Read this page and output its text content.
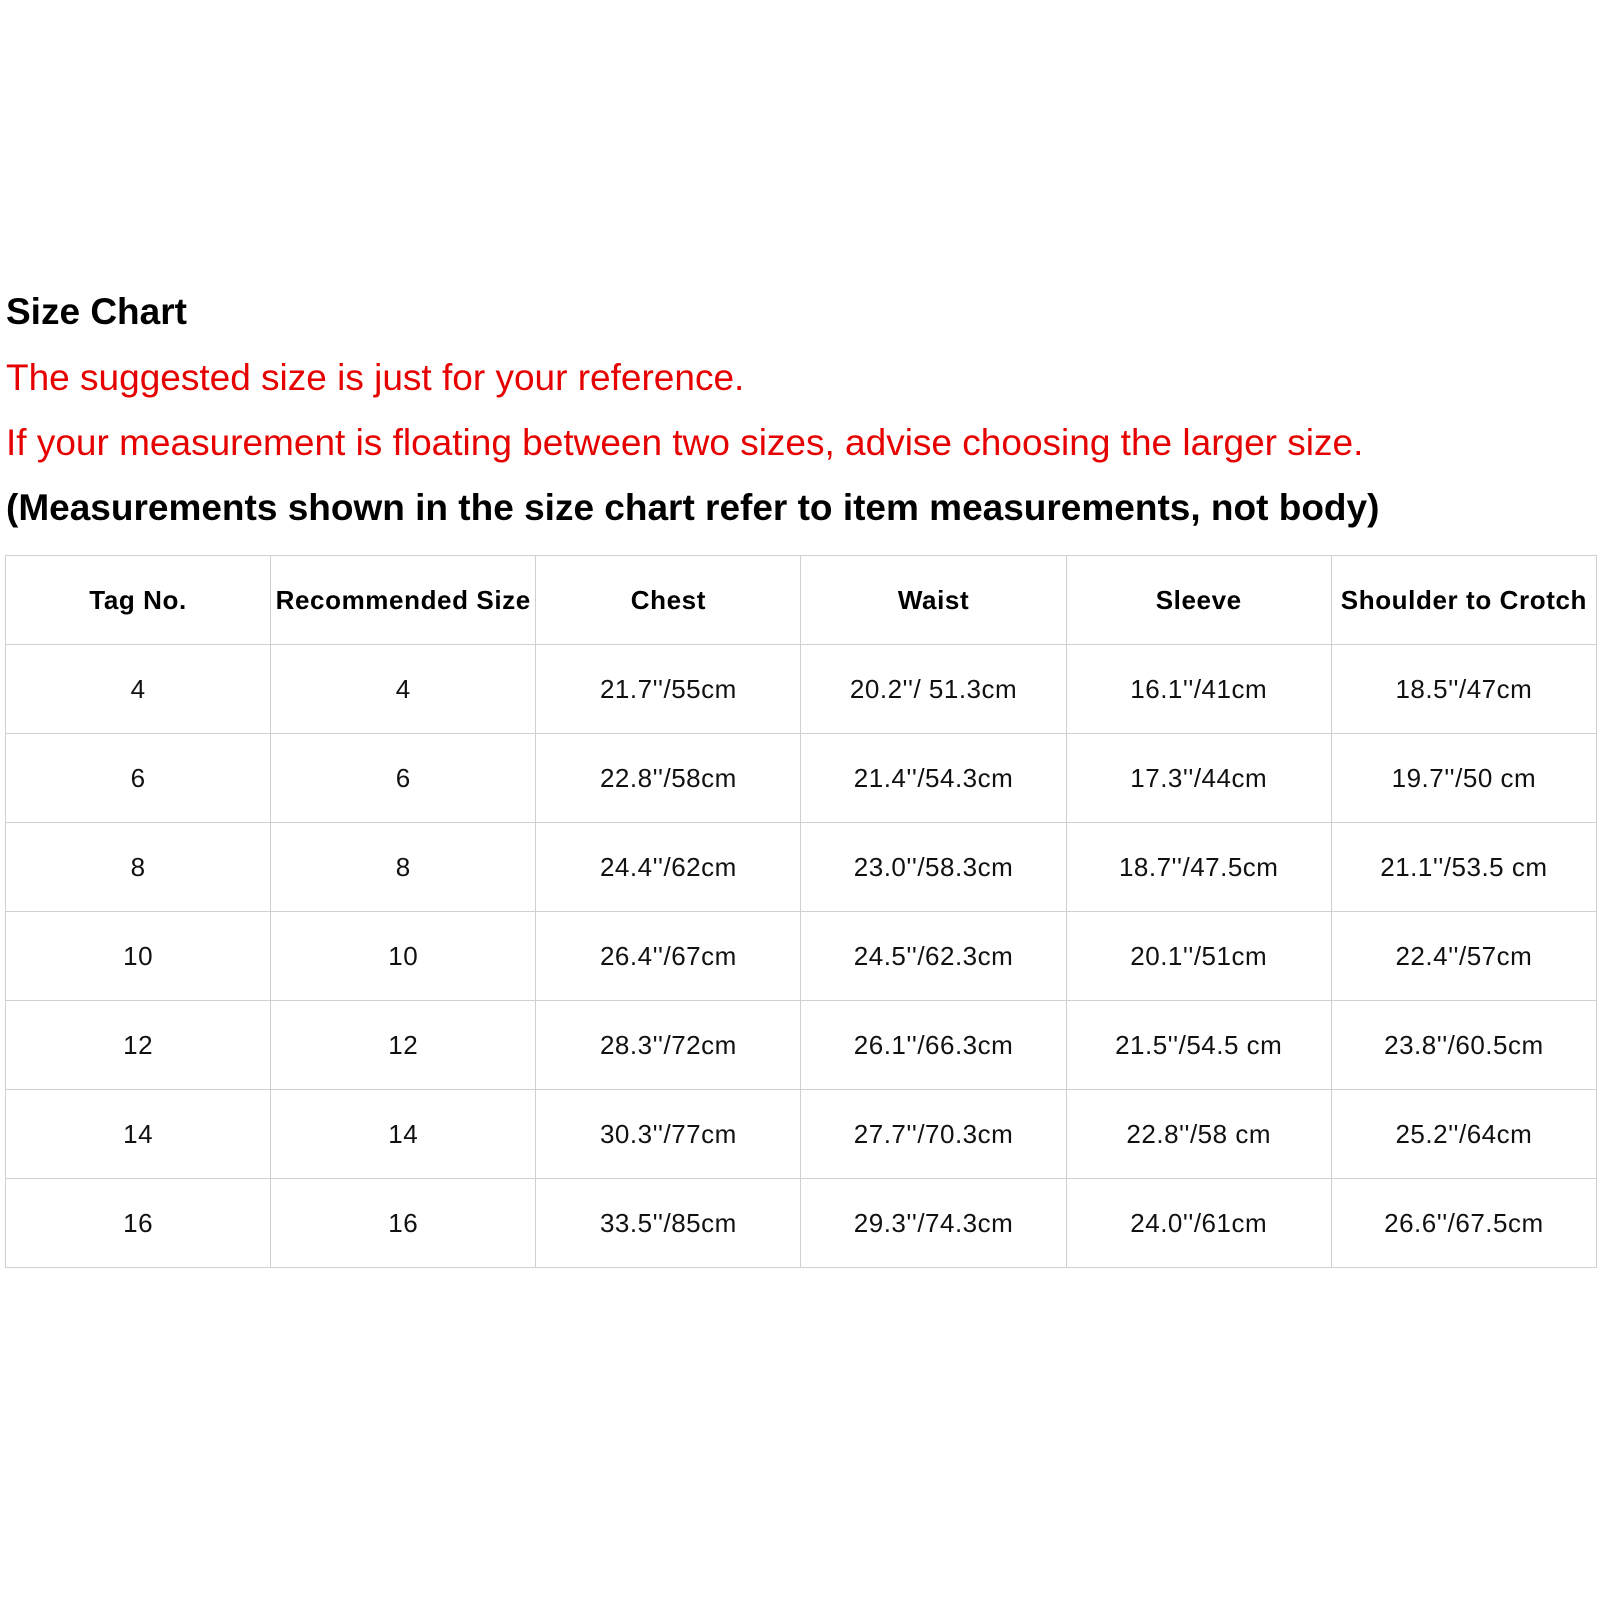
Size Chart
The suggested size is just for your reference.
If your measurement is floating between two sizes, advise choosing the larger size.
(Measurements shown in the size chart refer to item measurements, not body)
Tag No.	Recommended Size	Chest	Waist	Sleeve	Shoulder to Crotch
4	4	21.7''/55cm	20.2''/ 51.3cm	16.1''/41cm	18.5''/47cm
6	6	22.8''/58cm	21.4''/54.3cm	17.3''/44cm	19.7''/50 cm
8	8	24.4''/62cm	23.0''/58.3cm	18.7''/47.5cm	21.1''/53.5 cm
10	10	26.4''/67cm	24.5''/62.3cm	20.1''/51cm	22.4''/57cm
12	12	28.3''/72cm	26.1''/66.3cm	21.5''/54.5 cm	23.8''/60.5cm
14	14	30.3''/77cm	27.7''/70.3cm	22.8''/58 cm	25.2''/64cm
16	16	33.5''/85cm	29.3''/74.3cm	24.0''/61cm	26.6''/67.5cm
